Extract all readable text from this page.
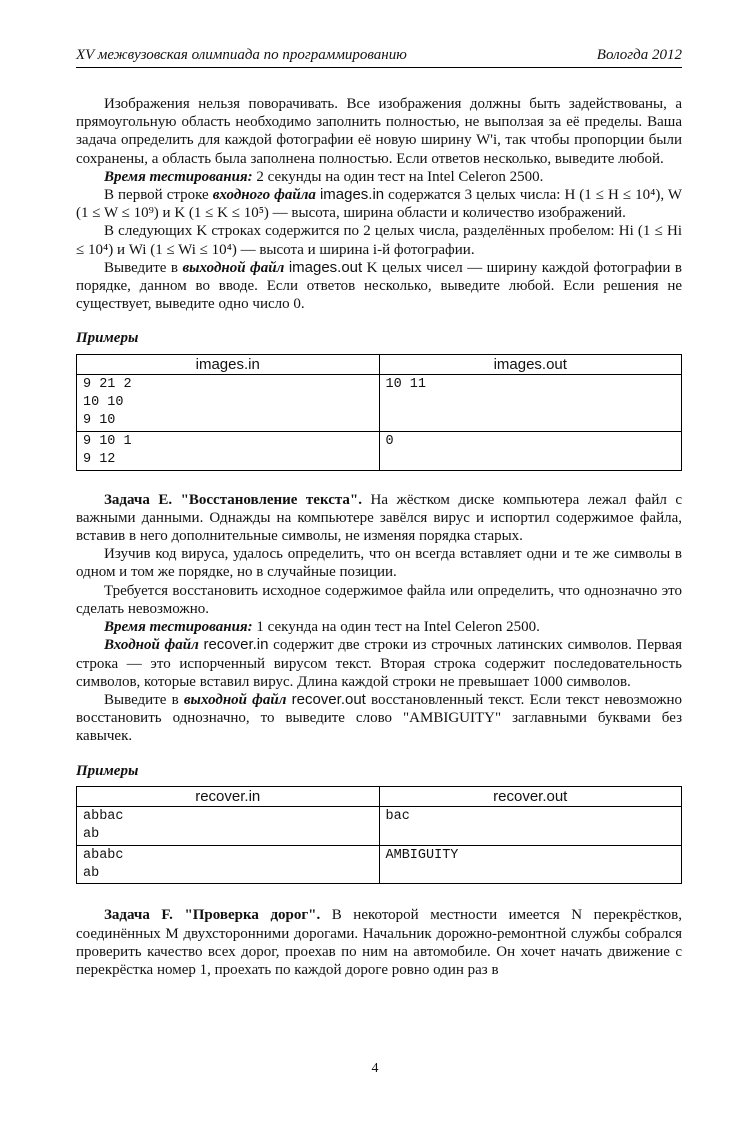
XV межвузовская олимпиада по программированию	Вологда 2012

Изображения нельзя поворачивать. Все изображения должны быть задействованы, а прямоугольную область необходимо заполнить полностью, не выползая за её пределы. Ваша задача определить для каждой фотографии её новую ширину W'i, так чтобы пропорции были сохранены, а область была заполнена полностью. Если ответов несколько, выведите любой.

Время тестирования: 2 секунды на один тест на Intel Celeron 2500.

В первой строке входного файла images.in содержатся 3 целых числа: H (1 ≤ H ≤ 10⁴), W (1 ≤ W ≤ 10⁹) и K (1 ≤ K ≤ 10⁵) — высота, ширина области и количество изображений.

В следующих K строках содержится по 2 целых числа, разделённых пробелом: Hi (1 ≤ Hi ≤ 10⁴) и Wi (1 ≤ Wi ≤ 10⁴) — высота и ширина i-й фотографии.

Выведите в выходной файл images.out K целых чисел — ширину каждой фотографии в порядке, данном во вводе. Если ответов несколько, выведите любой. Если решения не существует, выведите одно число 0.

Примеры

images.in	images.out

9 21 2
10 10
9 10	10 11

9 10 1
9 12	0

Задача E. "Восстановление текста". На жёстком диске компьютера лежал файл с важными данными. Однажды на компьютере завёлся вирус и испортил содержимое файла, вставив в него дополнительные символы, не изменяя порядка старых.

Изучив код вируса, удалось определить, что он всегда вставляет одни и те же символы в одном и том же порядке, но в случайные позиции.

Требуется восстановить исходное содержимое файла или определить, что однозначно это сделать невозможно.

Время тестирования: 1 секунда на один тест на Intel Celeron 2500.

Входной файл recover.in содержит две строки из строчных латинских символов. Первая строка — это испорченный вирусом текст. Вторая строка содержит последовательность символов, которые вставил вирус. Длина каждой строки не превышает 1000 символов.

Выведите в выходной файл recover.out восстановленный текст. Если текст невозможно восстановить однозначно, то выведите слово "AMBIGUITY" заглавными буквами без кавычек.

Примеры

recover.in	recover.out

abbac
ab	bac

ababc
ab	AMBIGUITY

Задача F. "Проверка дорог". В некоторой местности имеется N перекрёстков, соединённых M двухсторонними дорогами. Начальник дорожно-ремонтной службы собрался проверить качество всех дорог, проехав по ним на автомобиле. Он хочет начать движение с перекрёстка номер 1, проехать по каждой дороге ровно один раз в

4
